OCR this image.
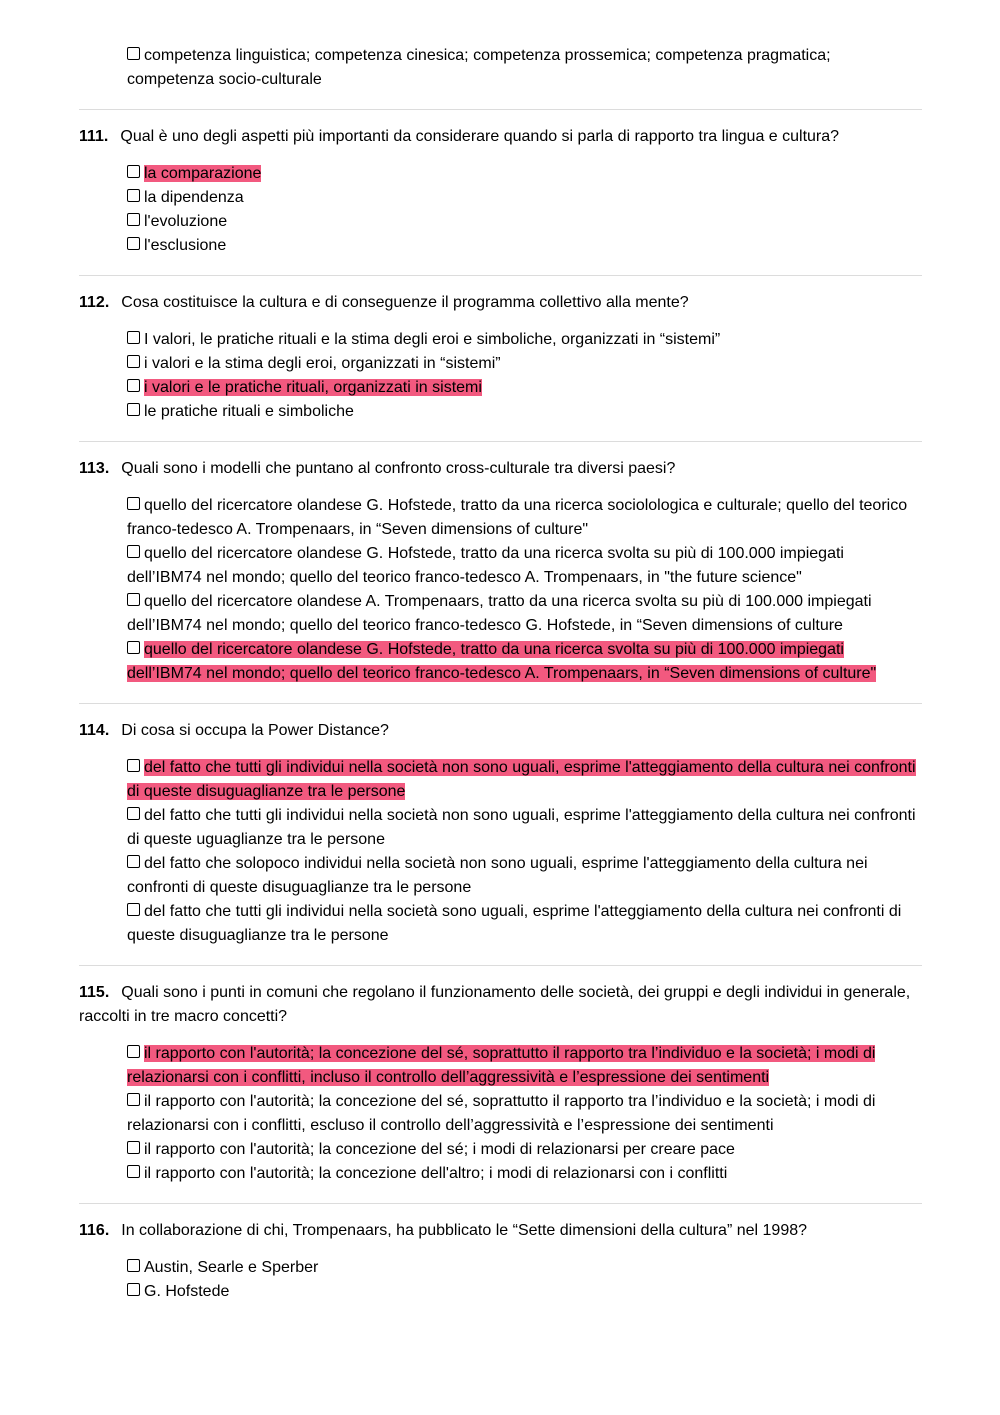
competenza linguistica; competenza cinesica; competenza prossemica; competenza pragmatica; competenza socio-culturale
111. Qual è uno degli aspetti più importanti da considerare quando si parla di rapporto tra lingua e cultura?
la comparazione
la dipendenza
l'evoluzione
l'esclusione
112. Cosa costituisce la cultura e di conseguenze il programma collettivo alla mente?
I valori, le pratiche rituali e la stima degli eroi e simboliche, organizzati in “sistemi”
i valori e la stima degli eroi, organizzati in “sistemi”
i valori e le pratiche rituali, organizzati in sistemi
le pratiche rituali e simboliche
113. Quali sono i modelli che puntano al confronto cross-culturale tra diversi paesi?
quello del ricercatore olandese G. Hofstede, tratto da una ricerca sociolologica e culturale; quello del teorico franco-tedesco A. Trompenaars, in “Seven dimensions of culture"
quello del ricercatore olandese G. Hofstede, tratto da una ricerca svolta su più di 100.000 impiegati dell’IBM74 nel mondo; quello del teorico franco-tedesco A. Trompenaars, in "the future science"
quello del ricercatore olandese A. Trompenaars, tratto da una ricerca svolta su più di 100.000 impiegati dell’IBM74 nel mondo; quello del teorico franco-tedesco G. Hofstede, in “Seven dimensions of culture
quello del ricercatore olandese G. Hofstede, tratto da una ricerca svolta su più di 100.000 impiegati dell’IBM74 nel mondo; quello del teorico franco-tedesco A. Trompenaars, in “Seven dimensions of culture"
114. Di cosa si occupa la Power Distance?
del fatto che tutti gli individui nella società non sono uguali, esprime l'atteggiamento della cultura nei confronti di queste disuguaglianze tra le persone
del fatto che tutti gli individui nella società non sono uguali, esprime l'atteggiamento della cultura nei confronti di queste uguaglianze tra le persone
del fatto che solopoco individui nella società non sono uguali, esprime l'atteggiamento della cultura nei confronti di queste disuguaglianze tra le persone
del fatto che tutti gli individui nella società sono uguali, esprime l'atteggiamento della cultura nei confronti di queste disuguaglianze tra le persone
115. Quali sono i punti in comuni che regolano il funzionamento delle società, dei gruppi e degli individui in generale, raccolti in tre macro concetti?
il rapporto con l'autorità; la concezione del sé, soprattutto il rapporto tra l’individuo e la società; i modi di relazionarsi con i conflitti, incluso il controllo dell’aggressività e l’espressione dei sentimenti
il rapporto con l'autorità; la concezione del sé, soprattutto il rapporto tra l’individuo e la società; i modi di relazionarsi con i conflitti, escluso il controllo dell’aggressività e l’espressione dei sentimenti
il rapporto con l'autorità; la concezione del sé; i modi di relazionarsi per creare pace
il rapporto con l'autorità; la concezione dell'altro; i modi di relazionarsi con i conflitti
116. In collaborazione di chi, Trompenaars, ha pubblicato le “Sette dimensioni della cultura” nel 1998?
Austin, Searle e Sperber
G. Hofstede
